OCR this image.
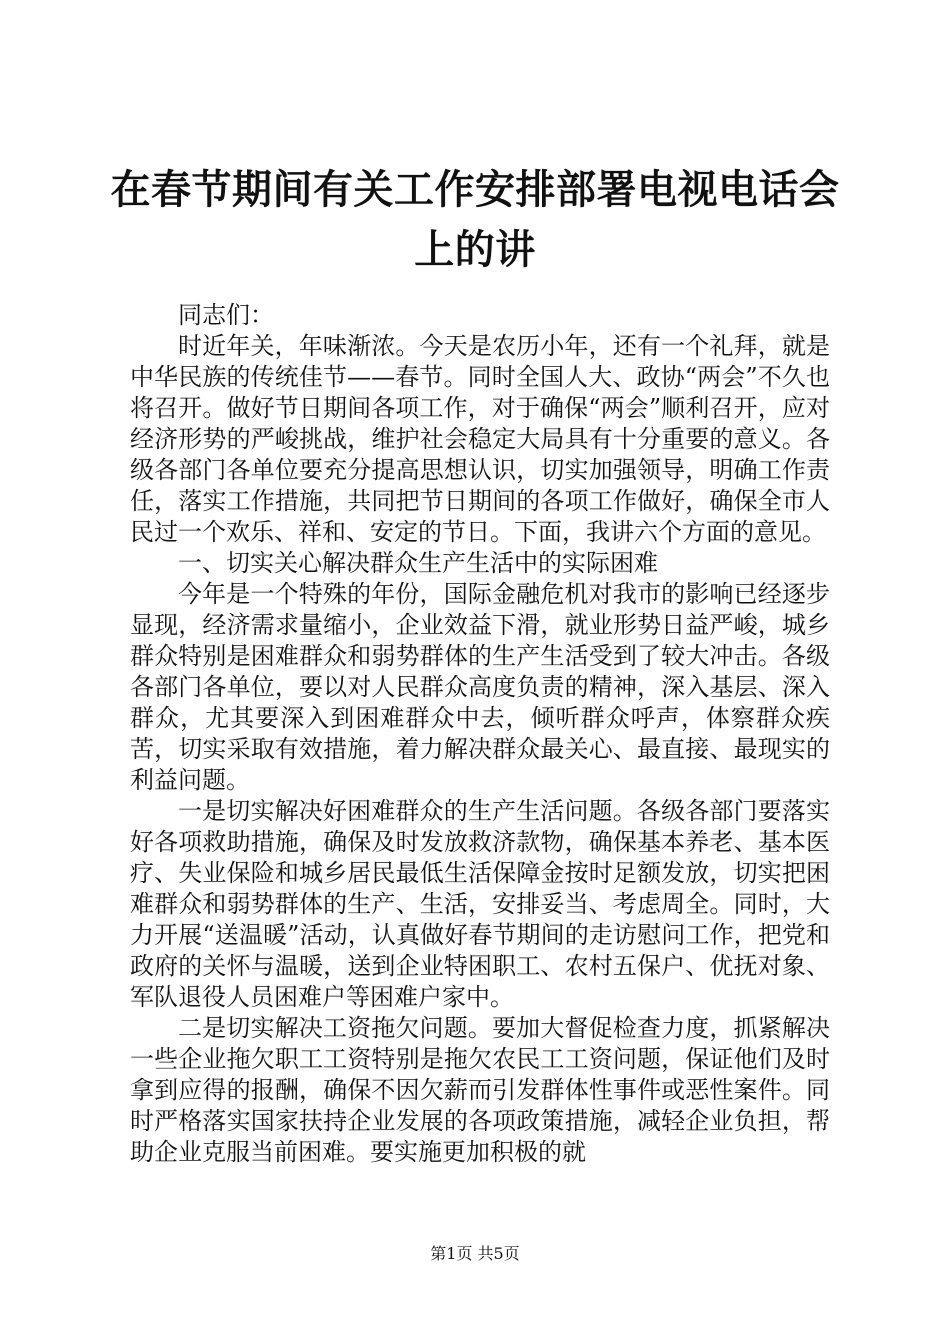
在春节期间有关工作安排部署电视电话会上的讲

同志们：

时近年关，年味渐浓。今天是农历小年，还有一个礼拜，就是中华民族的传统佳节——春节。同时全国人大、政协“两会”不久也将召开。做好节日期间各项工作，对于确保“两会”顺利召开，应对经济形势的严峻挑战，维护社会稳定大局具有十分重要的意义。各级各部门各单位要充分提高思想认识，切实加强领导，明确工作责任，落实工作措施，共同把节日期间的各项工作做好，确保全市人民过一个欢乐、祥和、安定的节日。下面，我讲六个方面的意见。

一、切实关心解决群众生产生活中的实际困难

今年是一个特殊的年份，国际金融危机对我市的影响已经逐步显现，经济需求量缩小，企业效益下滑，就业形势日益严峻，城乡群众特别是困难群众和弱势群体的生产生活受到了较大冲击。各级各部门各单位，要以对人民群众高度负责的精神，深入基层、深入群众，尤其要深入到困难群众中去，倾听群众呼声，体察群众疾苦，切实采取有效措施，着力解决群众最关心、最直接、最现实的利益问题。

一是切实解决好困难群众的生产生活问题。各级各部门要落实好各项救助措施，确保及时发放救济款物，确保基本养老、基本医疗、失业保险和城乡居民最低生活保障金按时足额发放，切实把困难群众和弱势群体的生产、生活，安排妥当、考虑周全。同时，大力开展“送温暖”活动，认真做好春节期间的走访慰问工作，把党和政府的关怀与温暖，送到企业特困职工、农村五保户、优抚对象、军队退役人员困难户等困难户家中。

二是切实解决工资拖欠问题。要加大督促检查力度，抓紧解决一些企业拖欠职工工资特别是拖欠农民工工资问题，保证他们及时拿到应得的报酬，确保不因欠薪而引发群体性事件或恶性案件。同时严格落实国家扶持企业发展的各项政策措施，减轻企业负担，帮助企业克服当前困难。要实施更加积极的就

第1页 共5页
